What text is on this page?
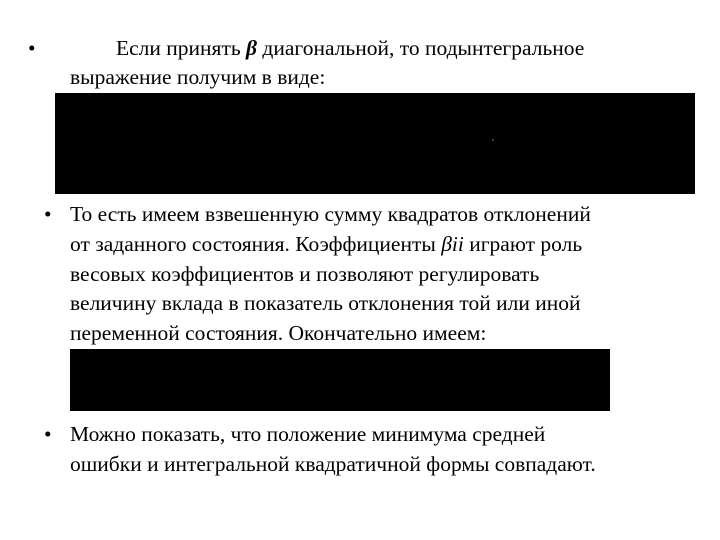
•	Если принять β диагональной, то подынтегральное
выражение получим в виде:
• То есть имеем взвешенную сумму квадратов отклонений
от заданного состояния. Коэффициенты βii играют роль
весовых коэффициентов и позволяют регулировать
величину вклада в показатель отклонения той или иной
переменной состояния. Окончательно имеем:
• Можно показать, что положение минимума средней
ошибки и интегральной квадратичной формы совпадают.
